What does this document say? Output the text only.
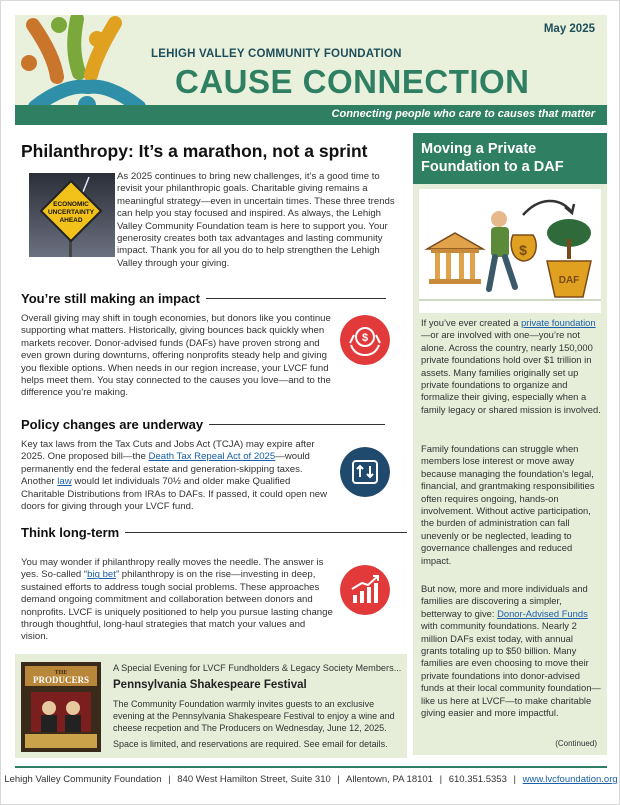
May 2025
LEHIGH VALLEY COMMUNITY FOUNDATION
CAUSE CONNECTION
Connecting people who care to causes that matter
Philanthropy: It’s a marathon, not a sprint
ECONOMIC
UNCERTAINTY
AHEAD

As 2025 continues to bring new challenges, it’s a good time to revisit your philanthropic goals. Charitable giving remains a meaningful strategy—even in uncertain times. These three trends can help you stay focused and inspired. As always, the Lehigh Valley Community Foundation team is here to support you. Your generosity creates both tax advantages and lasting community impact. Thank you for all you do to help strengthen the Lehigh Valley through your giving.

You’re still making an impact

Overall giving may shift in tough economies, but donors like you continue supporting what matters. Historically, giving bounces back quickly when markets recover. Donor-advised funds (DAFs) have proven strong and even grown during downturns, offering nonprofits steady help and giving you flexible options. When needs in our region increase, your LVCF fund helps meet them. You stay connected to the causes you love—and to the difference you’re making.

$
Policy changes are underway

Key tax laws from the Tax Cuts and Jobs Act (TCJA) may expire after 2025. One proposed bill—the Death Tax Repeal Act of 2025—would permanently end the federal estate and generation-skipping taxes. Another law would let individuals 70½ and older make Qualified Charitable Distributions from IRAs to DAFs. If passed, it could open new doors for giving through your LVCF fund.

Think long-term

You may wonder if philanthropy really moves the needle. The answer is yes. So-called “big bet” philanthropy is on the rise—investing in deep, sustained efforts to address tough social problems. These approaches demand ongoing commitment and collaboration between donors and nonprofits. LVCF is uniquely positioned to help you pursue lasting change through thoughtful, long-haul strategies that match your values and vision.

THE
PRODUCERS
A Special Evening for LVCF Fundholders & Legacy Society Members...
Pennsylvania Shakespeare Festival

The Community Foundation warmly invites guests to an exclusive evening at the Pennsylvania Shakespeare Festival to enjoy a wine and cheese recpetion and The Producers on Wednesday, June 12, 2025.

Space is limited, and reservations are required. See email for details.

Moving a Private Foundation to a DAF
$
DAF

If you’ve ever created a private foundation—or are involved with one—you’re not alone. Across the country, nearly 150,000 private foundations hold over $1 trillion in assets. Many families originally set up private foundations to organize and formalize their giving, especially when a family legacy or shared mission is involved.

Family foundations can struggle when members lose interest or move away because managing the foundation’s legal, financial, and grantmaking responsibilities often requires ongoing, hands-on involvement. Without active participation, the burden of administration can fall unevenly or be neglected, leading to governance challenges and reduced impact.

But now, more and more individuals and families are discovering a simpler, betterway to give: Donor-Advised Funds with community foundations. Nearly 2 million DAFs exist today, with annual grants totaling up to $50 billion. Many families are even choosing to move their private foundations into donor-advised funds at their local community foundation—like us here at LVCF—to make charitable giving easier and more impactful.

(Continued)
Lehigh Valley Community Foundation | 840 West Hamilton Street, Suite 310 | Allentown, PA 18101 | 610.351.5353 | www.lvcfoundation.org
